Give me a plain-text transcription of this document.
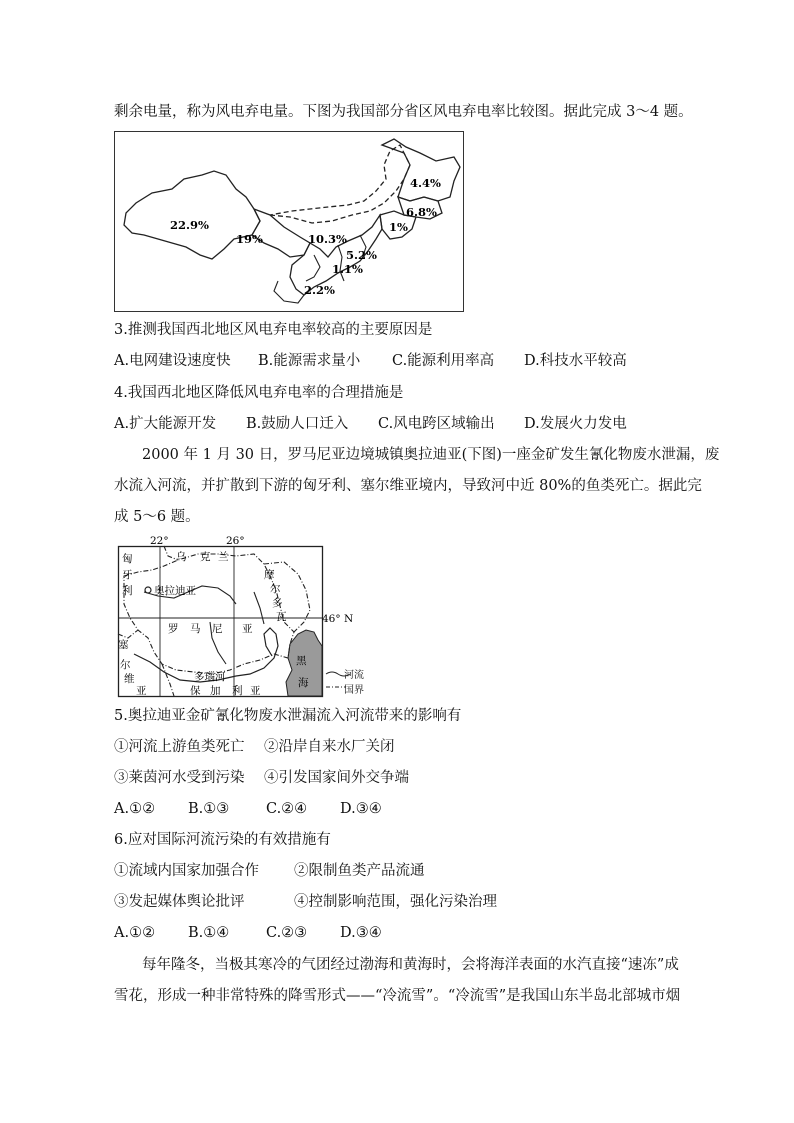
剩余电量，称为风电弃电量。下图为我国部分省区风电弃电率比较图。据此完成 3～4 题。
22.9%
19%	10.3%
4.4%
6.8%
1%
5.2%
1.1%
2.2%
3.推测我国西北地区风电弃电率较高的主要原因是
A.电网建设速度快 B.能源需求量小 C.能源利用率高 D.科技水平较高
4.我国西北地区降低风电弃电率的合理措施是
A.扩大能源开发 B.鼓励人口迁入 C.风电跨区域输出 D.发展火力发电
2000 年 1 月 30 日，罗马尼亚边境城镇奥拉迪亚(下图)一座金矿发生氰化物废水泄漏，废
水流入河流，并扩散到下游的匈牙利、塞尔维亚境内，导致河中近 80%的鱼类死亡。据此完
成 5～6 题。
22°	26°
46° N
匈
牙
利
乌 克 兰
摩
尔
多
瓦
塞
尔
维
亚
罗 马 尼 亚
保 加 利 亚
黑
海
奥拉迪亚
多瑙河	河流
国界
5.奥拉迪亚金矿氰化物废水泄漏流入河流带来的影响有
①河流上游鱼类死亡 ②沿岸自来水厂关闭
③莱茵河水受到污染 ④引发国家间外交争端
A.①② B.①③	C.②④ D.③④
6.应对国际河流污染的有效措施有
①流域内国家加强合作 ②限制鱼类产品流通
③发起媒体舆论批评	④控制影响范围，强化污染治理
A.①② B.①④	C.②③ D.③④
每年隆冬，当极其寒冷的气团经过渤海和黄海时，会将海洋表面的水汽直接“速冻”成
雪花，形成一种非常特殊的降雪形式——“冷流雪”。“冷流雪”是我国山东半岛北部城市烟
